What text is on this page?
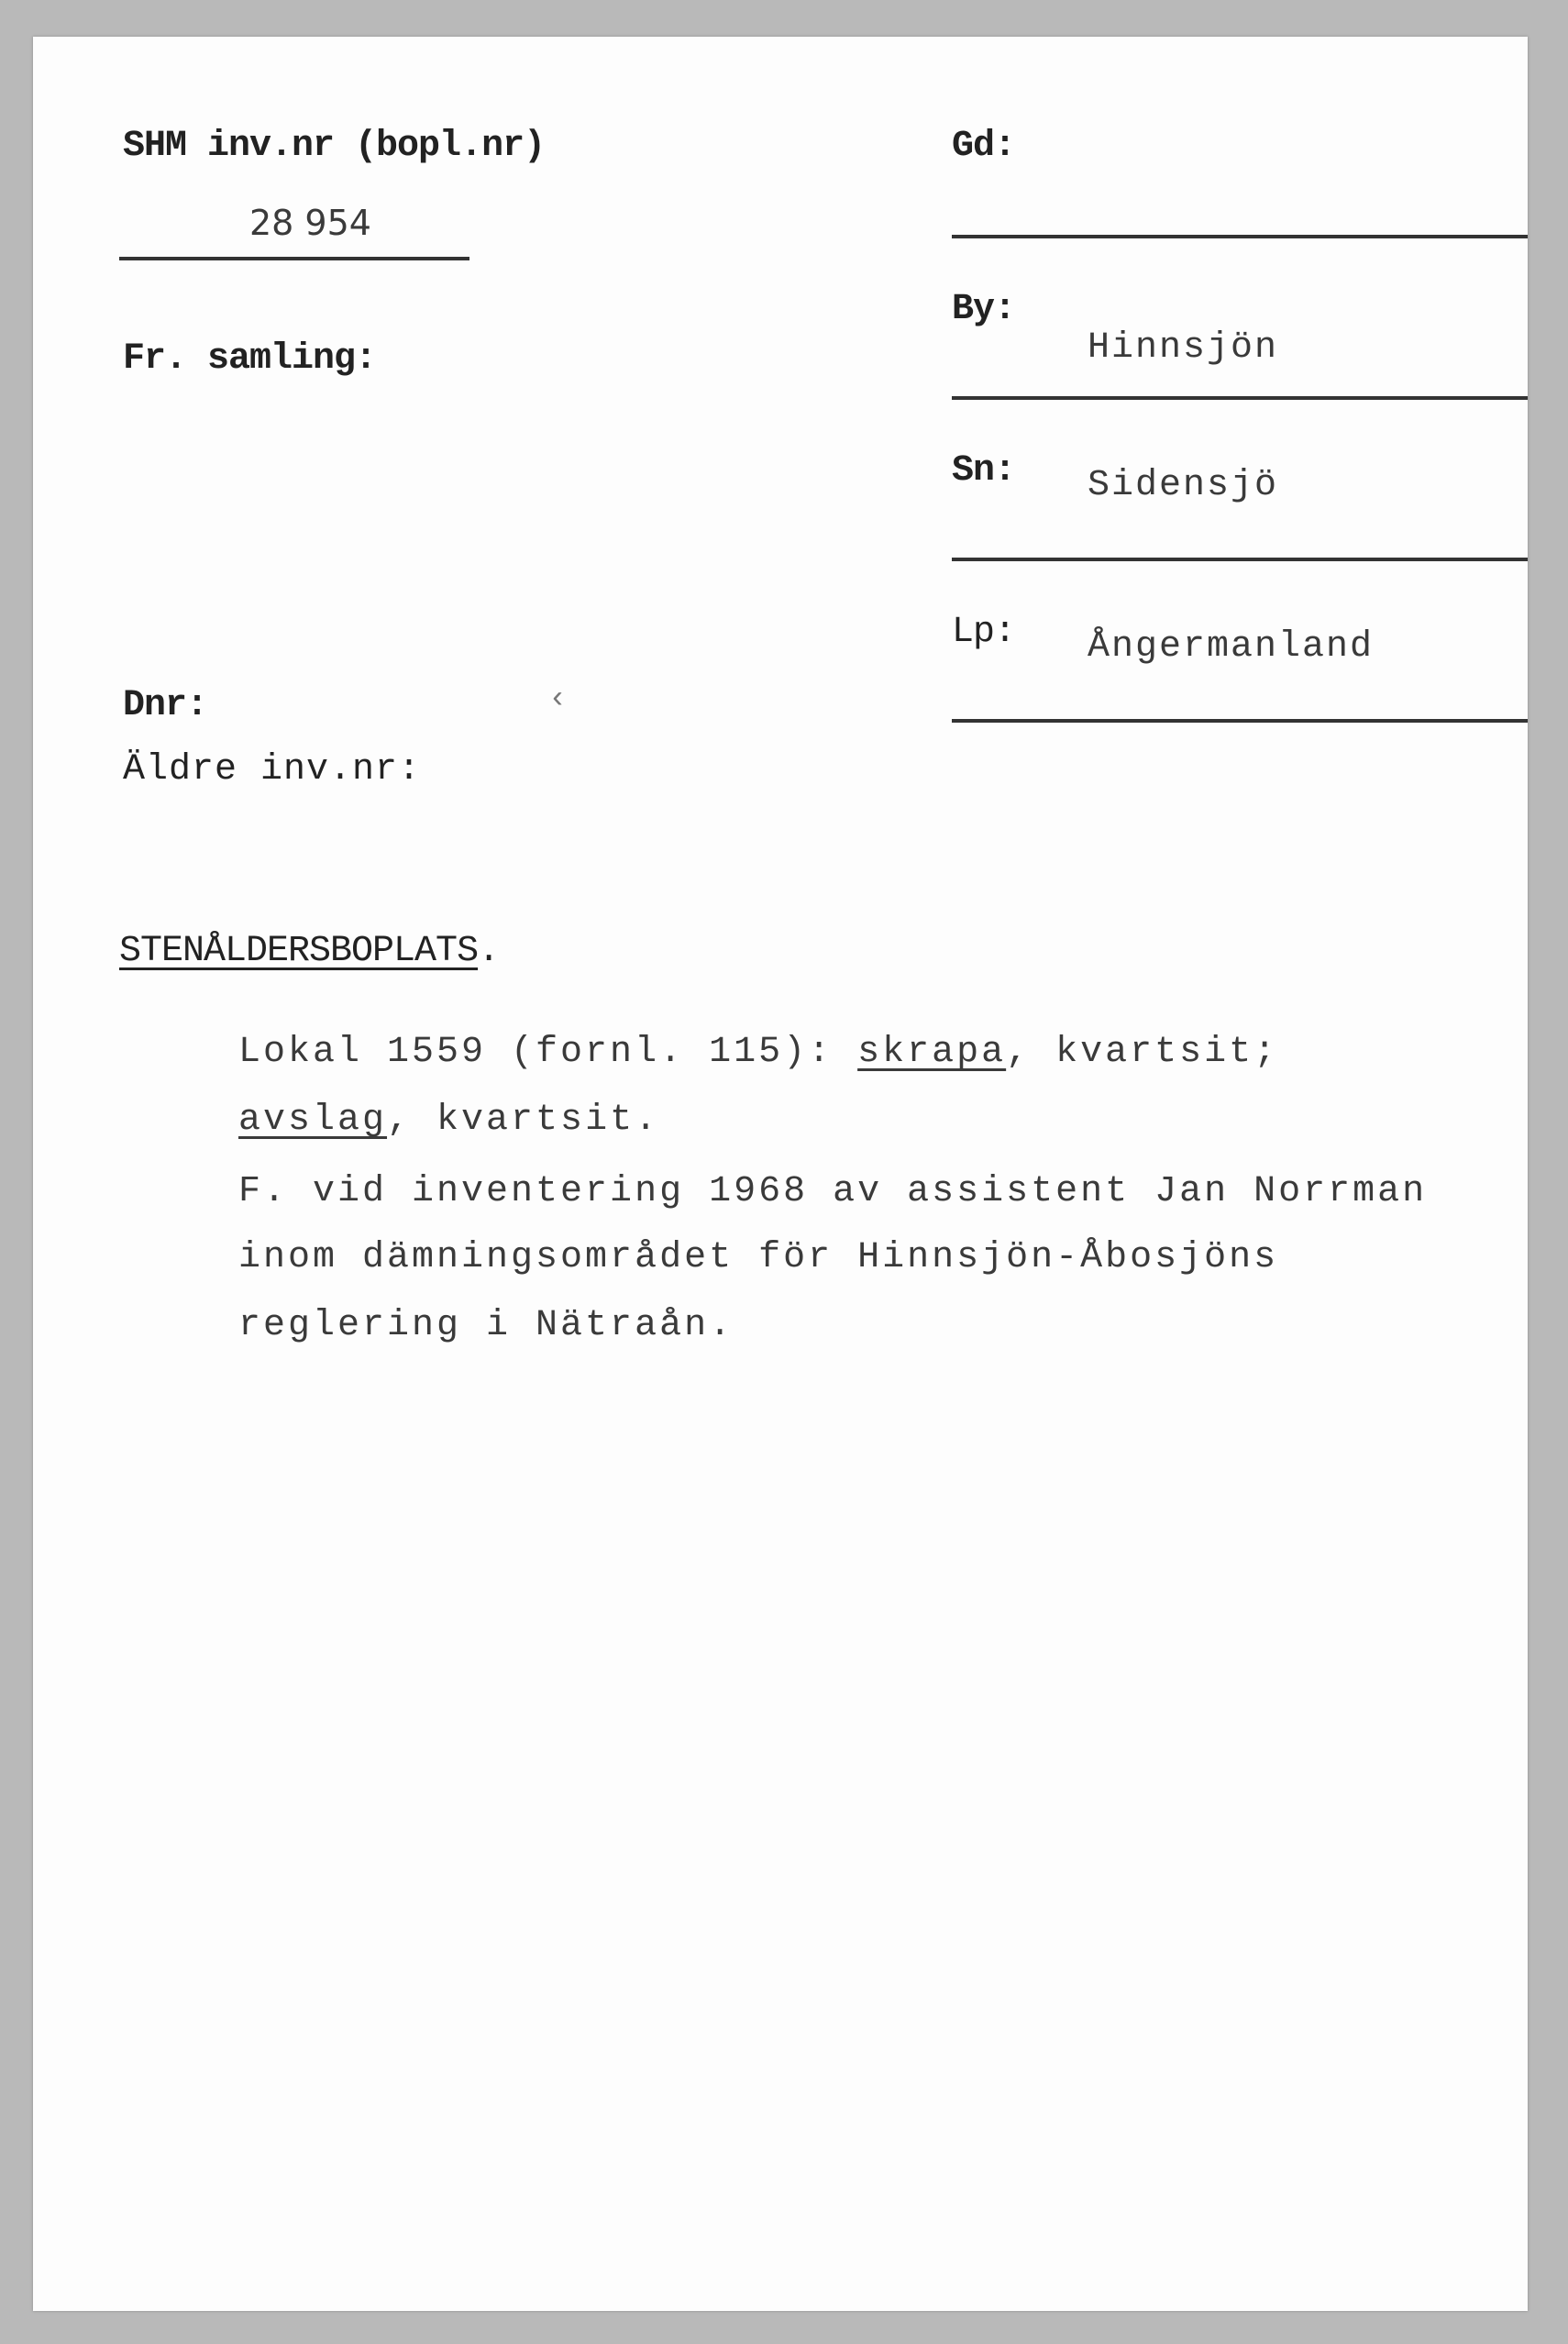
SHM inv.nr (bopl.nr)
28 954
Fr. samling:
Dnr:
Äldre inv.nr:
‹
Gd:
By:
Hinnsjön
Sn: Sidensjö
Lp: Ångermanland
STENÅLDERSBOPLATS.
Lokal 1559 (fornl. 115): skrapa, kvartsit;
avslag, kvartsit.
F. vid inventering 1968 av assistent Jan Norrman
inom dämningsområdet för Hinnsjön-Åbosjöns
reglering i Nätraån.
